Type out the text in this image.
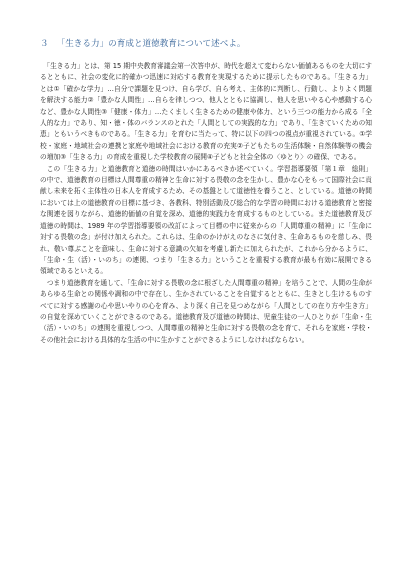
３ 「生きる力」の育成と道徳教育について述べよ。

　「生きる力」とは、第 15 期中央教育審議会第一次答申が、時代を超えて変わらない価値あるものを大切にするとともに、社会の変化に的確かつ迅速に対応する教育を実現するために提示したものである。「生きる力」とは①「確かな学力」…自分で課題を見つけ、自ら学び、自ら考え、主体的に判断し、行動し、よりよく問題を解決する能力②「豊かな人間性」…自らを律しつつ、他人とともに協調し、他人を思いやる心や感動する心など、豊かな人間性③「健康・体力」…たくましく生きるための健康や体力、という三つの能力から成る「全人的な力」であり、知・徳・体のバランスのとれた「人間としての実践的な力」であり、「生きていくための知恵」ともいうべきものである。「生きる力」を育むに当たって、特に以下の四つの視点が重視されている。①学校・家庭・地域社会の連携と家庭や地域社会における教育の充実②子どもたちの生活体験・自然体験等の機会の増加③「生きる力」の育成を重視した学校教育の展開④子どもと社会全体の〈ゆとり〉の確保、である。

　この「生きる力」と道徳教育と道徳の時間はいかにあるべきか述べていく。学習指導要領「第１章　総則」の中で、道徳教育の目標は人間尊重の精神と生命に対する畏敬の念を生かし、豊かな心をもって国際社会に貢献し未来を拓く主体性の日本人を育成するため、その基盤として道徳性を養うこと、としている。道徳の時間においては上の道徳教育の目標に基づき、各教科、特別活動及び総合的な学習の時間における道徳教育と密接な関連を図りながら、道徳的価値の自覚を深め、道徳的実践力を育成するものとしている。また道徳教育及び道徳の時間は、1989 年の学習指導要領の改訂によって目標の中に従来からの「人間尊重の精神」に「生命に対する畏敬の念」が付け加えられた。これらは、生命のかけがえのなさに気付き、生命あるものを慈しみ、畏れ、敬い尊ぶことを意味し、生命に対する意識の欠如を考慮し新たに加えられたが、これから分かるように、「生命・生（活）・いのち」の連関、つまり「生きる力」ということを重視する教育が最も有効に展開できる領域であるといえる。

　つまり道徳教育を通して、「生命に対する畏敬の念に根ざした人間尊重の精神」を培うことで、人間の生命があらゆる生命との関係や調和の中で存在し、生かされていることを自覚するとともに、生きとし生けるものすべてに対する感謝の心や思いやりの心を育み、より深く自己を見つめながら「人間としての在り方や生き方」の自覚を深めていくことができるのである。道徳教育及び道徳の時間は、児童生徒の一人ひとりが「生命・生（活）・いのち」の連関を重視しつつ、人間尊重の精神と生命に対する畏敬の念を育て、それらを家庭・学校・その他社会における具体的な生活の中に生かすことができるようにしなければならない。
